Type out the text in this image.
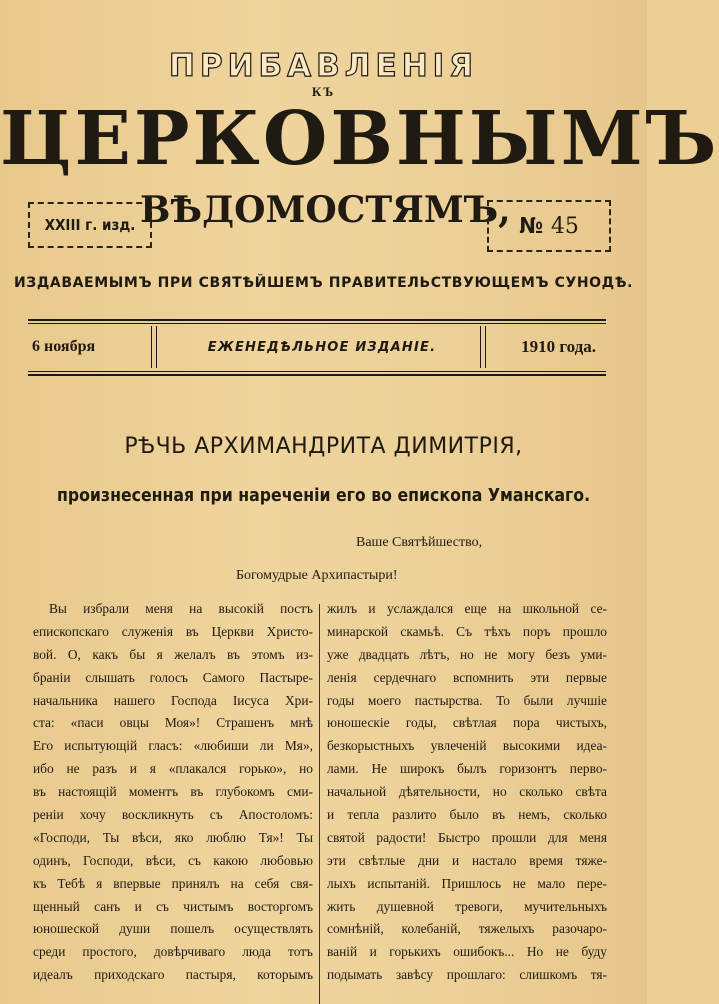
ПРИБАВЛЕНІЯ
КЪ
ЦЕРКОВНЫМЪ
XXIII г. изд. ВѢДОМОСТЯМЪ, № 45
ИЗДАВАЕМЫМЪ ПРИ СВЯТѢЙШЕМЪ ПРАВИТЕЛЬСТВУЮЩЕМЪ СУНОДѢ.
6 ноября	ЕЖЕНЕДѢЛЬНОЕ ИЗДАНІЕ.	1910 года.
РѢЧЬ АРХИМАНДРИТА ДИМИТРІЯ,
произнесенная при нареченіи его во епископа Уманскаго.
Ваше Святѣйшество,
Богомудрые Архипастыри!
Вы избрали меня на высокій постъ
епископскаго служенія въ Церкви Христо-
вой. О, какъ бы я желалъ въ этомъ из-
браніи слышать голосъ Самого Пастыре-
начальника нашего Господа Іисуса Хри-
ста: «паси овцы Моя»! Страшенъ мнѣ
Его испытующій гласъ: «любиши ли Мя»,
ибо не разъ и я «плакался горько», но
въ настоящій моментъ въ глубокомъ сми-
реніи хочу воскликнуть съ Апостоломъ:
«Господи, Ты вѣси, яко люблю Тя»! Ты
одинъ, Господи, вѣси, съ какою любовью
къ Тебѣ я впервые принялъ на себя свя-
щенный санъ и съ чистымъ восторгомъ
юношеской души пошелъ осуществлять
среди простого, довѣрчиваго люда тотъ
идеалъ приходскаго пастыря, которымъ
жилъ и услаждался еще на школьной се-
минарской скамьѣ. Съ тѣхъ поръ прошло
уже двадцать лѣтъ, но не могу безъ уми-
ленія сердечнаго вспомнить эти первые
годы моего пастырства. То были лучшіе
юношескіе годы, свѣтлая пора чистыхъ,
безкорыстныхъ увлеченій высокими идеа-
лами. Не широкъ былъ горизонтъ перво-
начальной дѣятельности, но сколько свѣта
и тепла разлито было въ немъ, сколько
святой радости! Быстро прошли для меня
эти свѣтлые дни и настало время тяже-
лыхъ испытаній. Пришлось не мало пере-
жить душевной тревоги, мучительныхъ
сомнѣній, колебаній, тяжелыхъ разочаро-
ваній и горькихъ ошибокъ... Но не буду
подымать завѣсу прошлаго: слишкомъ тя-
